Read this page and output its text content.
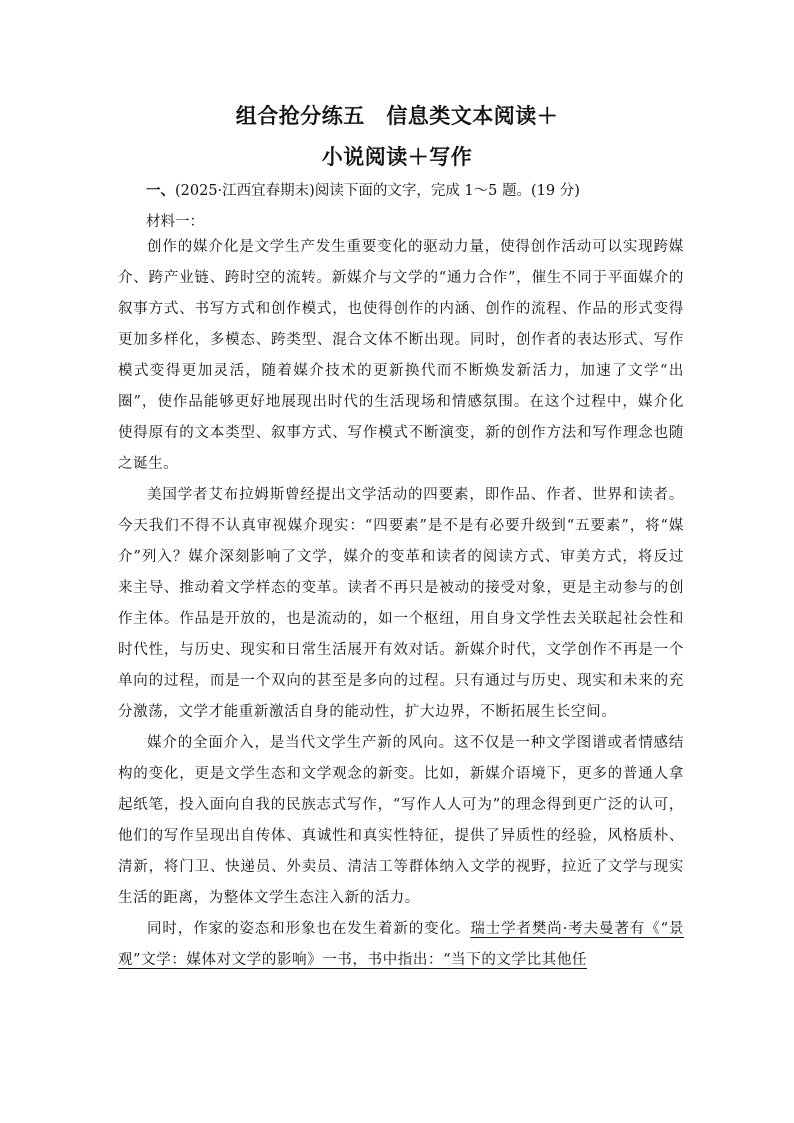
组合抢分练五　信息类文本阅读＋
小说阅读＋写作
一、(2025·江西宜春期末)阅读下面的文字，完成 1～5 题。(19 分)
材料一：

创作的媒介化是文学生产发生重要变化的驱动力量，使得创作活动可以实现跨媒介、跨产业链、跨时空的流转。新媒介与文学的“通力合作”，催生不同于平面媒介的叙事方式、书写方式和创作模式，也使得创作的内涵、创作的流程、作品的形式变得更加多样化，多模态、跨类型、混合文体不断出现。同时，创作者的表达形式、写作模式变得更加灵活，随着媒介技术的更新换代而不断焕发新活力，加速了文学“出圈”，使作品能够更好地展现出时代的生活现场和情感氛围。在这个过程中，媒介化使得原有的文本类型、叙事方式、写作模式不断演变，新的创作方法和写作理念也随之诞生。

美国学者艾布拉姆斯曾经提出文学活动的四要素，即作品、作者、世界和读者。今天我们不得不认真审视媒介现实：“四要素”是不是有必要升级到“五要素”，将“媒介”列入？媒介深刻影响了文学，媒介的变革和读者的阅读方式、审美方式，将反过来主导、推动着文学样态的变革。读者不再只是被动的接受对象，更是主动参与的创作主体。作品是开放的，也是流动的，如一个枢纽，用自身文学性去关联起社会性和时代性，与历史、现实和日常生活展开有效对话。新媒介时代，文学创作不再是一个单向的过程，而是一个双向的甚至是多向的过程。只有通过与历史、现实和未来的充分激荡，文学才能重新激活自身的能动性，扩大边界，不断拓展生长空间。

媒介的全面介入，是当代文学生产新的风向。这不仅是一种文学图谱或者情感结构的变化，更是文学生态和文学观念的新变。比如，新媒介语境下，更多的普通人拿起纸笔，投入面向自我的民族志式写作，“写作人人可为”的理念得到更广泛的认可，他们的写作呈现出自传体、真诚性和真实性特征，提供了异质性的经验，风格质朴、清新，将门卫、快递员、外卖员、清洁工等群体纳入文学的视野，拉近了文学与现实生活的距离，为整体文学生态注入新的活力。

同时，作家的姿态和形象也在发生着新的变化。瑞士学者樊尚·考夫曼著有《“景观”文学：媒体对文学的影响》一书，书中指出：“当下的文学比其他任
